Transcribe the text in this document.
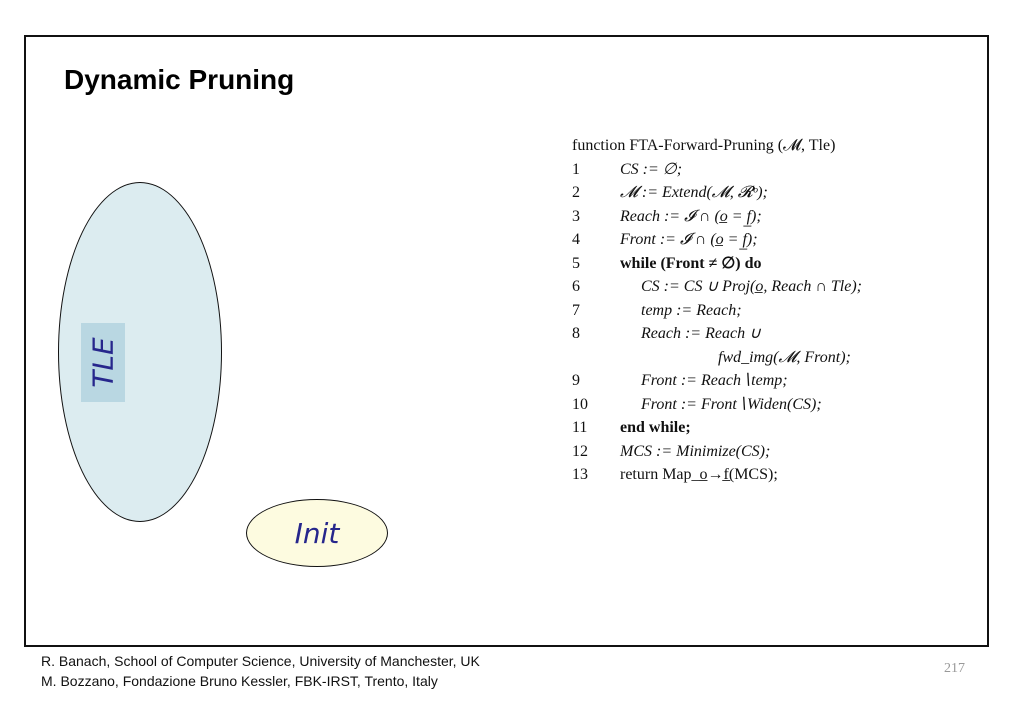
Dynamic Pruning
TLE
Init
function FTA-Forward-Pruning (𝓜, Tle)
1	CS := ∅;
2	𝓜 := Extend(𝓜, 𝓡ᵒ);
3	Reach := 𝓘 ∩ (o̲ = f̲);
4	Front := 𝓘 ∩ (o̲ = f̲);
5	while (Front ≠ ∅) do
6	CS := CS ∪ Proj(o̲, Reach ∩ Tle);
7	temp := Reach;
8	Reach := Reach ∪
fwd_img(𝓜, Front);
9	Front := Reach∖temp;
10	Front := Front∖Widen(CS);
11	end while;
12	MCS := Minimize(CS);
13	return Map_o̲→f̲(MCS);
R. Banach, School of Computer Science, University of Manchester, UK
M. Bozzano, Fondazione Bruno Kessler, FBK-IRST, Trento, Italy
217
